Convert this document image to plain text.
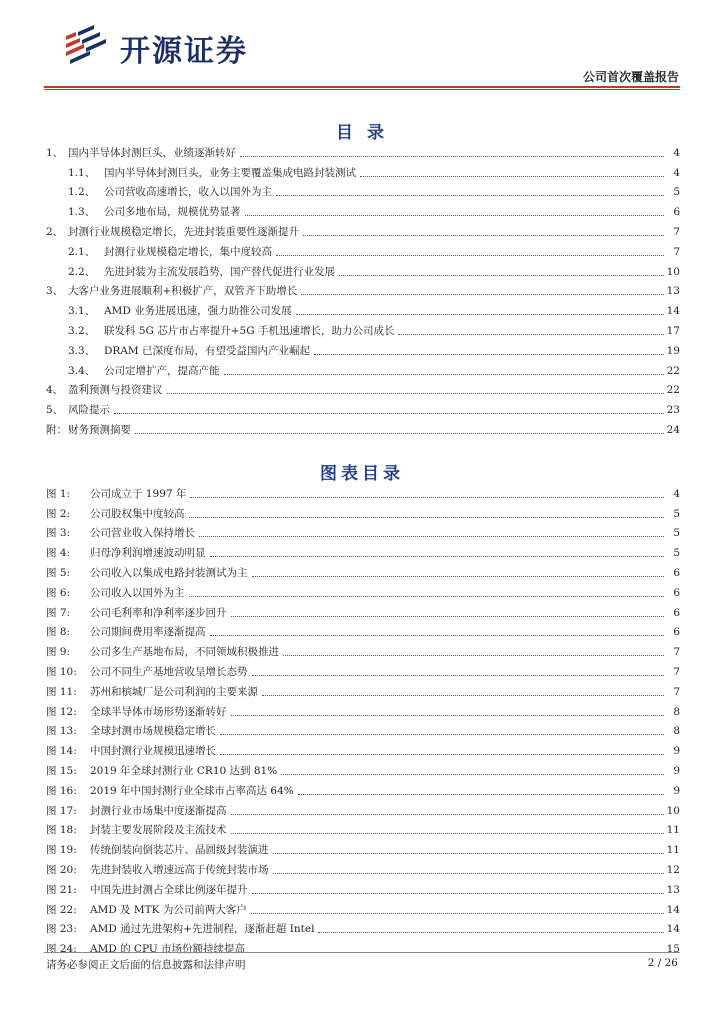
开源证券
公司首次覆盖报告
目 录
1、 国内半导体封测巨头，业绩逐渐转好	4
1.1、 国内半导体封测巨头，业务主要覆盖集成电路封装测试	4
1.2、 公司营收高速增长，收入以国外为主	5
1.3、 公司多地布局，规模优势显著	6
2、 封测行业规模稳定增长，先进封装重要性逐渐提升	7
2.1、 封测行业规模稳定增长，集中度较高	7
2.2、 先进封装为主流发展趋势，国产替代促进行业发展	10
3、 大客户业务进展顺利+积极扩产，双管齐下助增长	13
3.1、 AMD 业务进展迅速，强力助推公司发展	14
3.2、 联发科 5G 芯片市占率提升+5G 手机迅速增长，助力公司成长	17
3.3、 DRAM 已深度布局，有望受益国内产业崛起	19
3.4、 公司定增扩产，提高产能	22
4、 盈利预测与投资建议	22
5、 风险提示	23
附： 财务预测摘要	24
图表目录
图 1:	公司成立于 1997 年	4
图 2:	公司股权集中度较高	5
图 3:	公司营业收入保持增长	5
图 4:	归母净利润增速波动明显	5
图 5:	公司收入以集成电路封装测试为主	6
图 6:	公司收入以国外为主	6
图 7:	公司毛利率和净利率逐步回升	6
图 8:	公司期间费用率逐渐提高	6
图 9:	公司多生产基地布局，不同领域积极推进	7
图 10:	公司不同生产基地营收呈增长态势	7
图 11:	苏州和槟城厂是公司利润的主要来源	7
图 12:	全球半导体市场形势逐渐转好	8
图 13:	全球封测市场规模稳定增长	8
图 14:	中国封测行业规模迅速增长	9
图 15:	2019 年全球封测行业 CR10 达到 81%	9
图 16:	2019 年中国封测行业全球市占率高达 64%	9
图 17:	封测行业市场集中度逐渐提高	10
图 18:	封装主要发展阶段及主流技术	11
图 19:	传统倒装向倒装芯片、晶圆级封装演进	11
图 20:	先进封装收入增速远高于传统封装市场	12
图 21:	中国先进封测占全球比例逐年提升	13
图 22:	AMD 及 MTK 为公司前两大客户	14
图 23:	AMD 通过先进架构+先进制程，逐渐赶超 Intel	14
图 24:	AMD 的 CPU 市场份额持续提高	15
请务必参阅正文后面的信息披露和法律声明	2 / 26
